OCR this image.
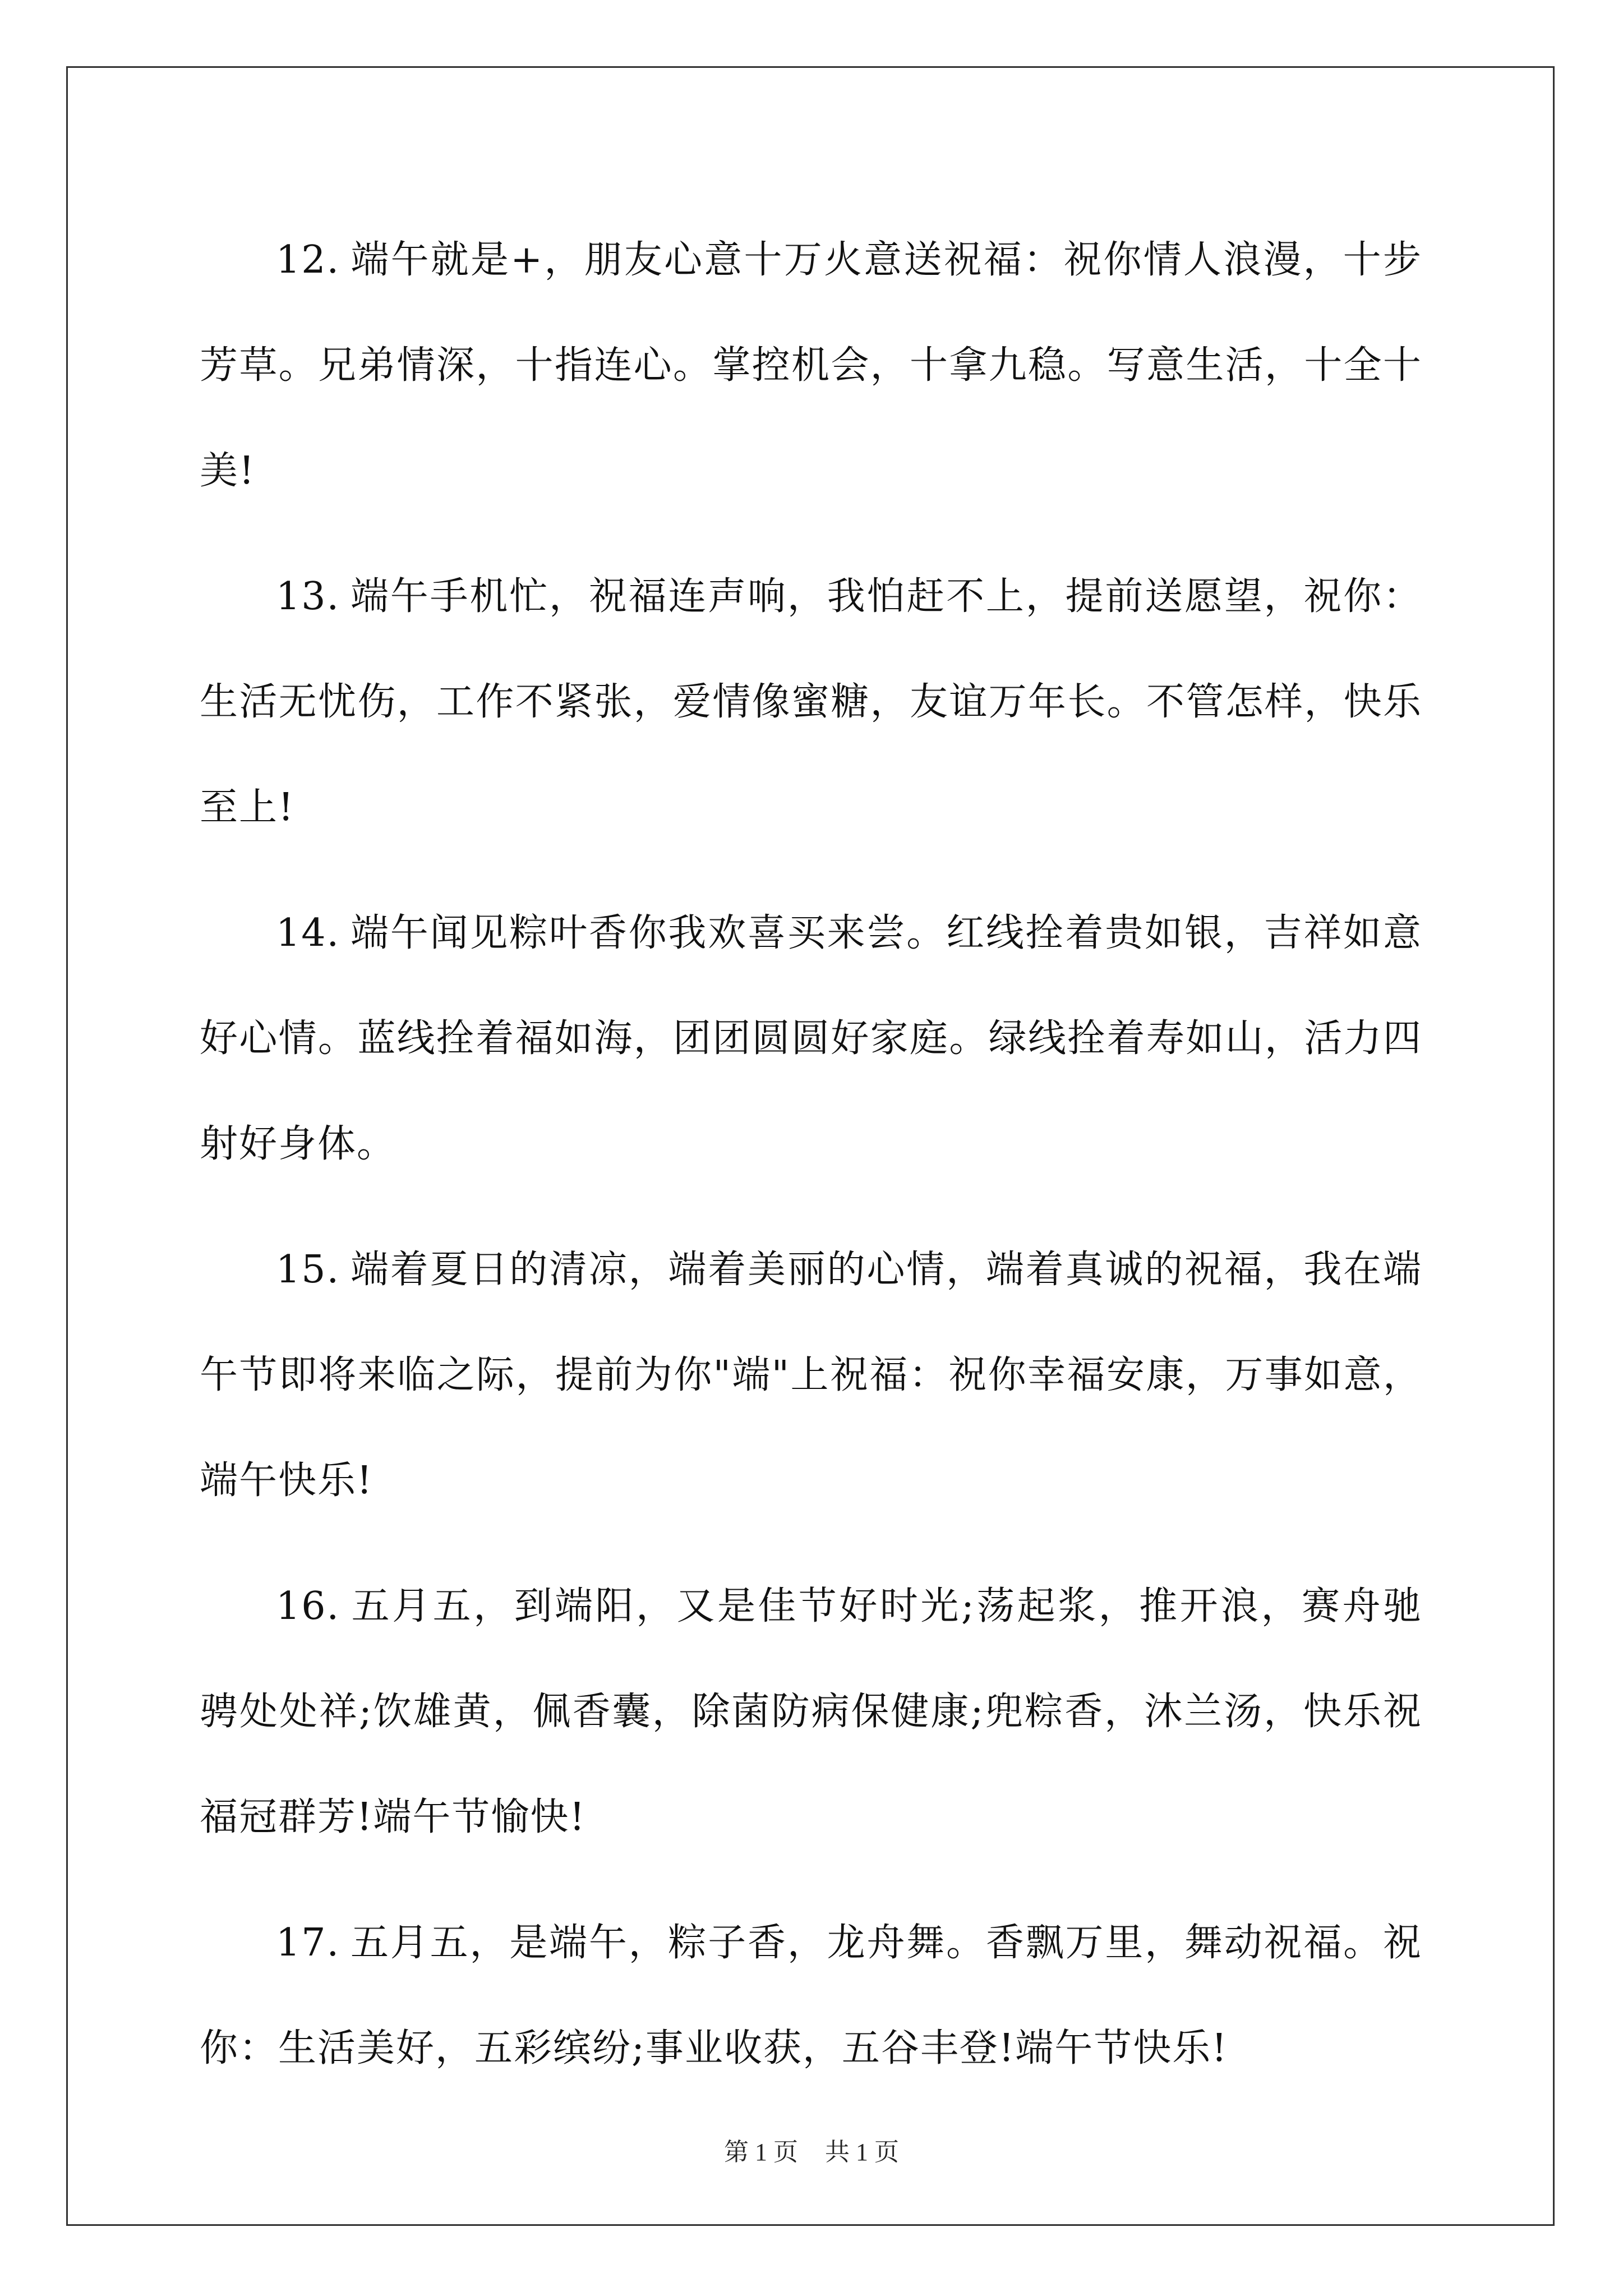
12. 端午就是+，朋友心意十万火意送祝福：祝你情人浪漫，十步芳草。兄弟情深，十指连心。掌控机会，十拿九稳。写意生活，十全十美!

13. 端午手机忙，祝福连声响，我怕赶不上，提前送愿望，祝你：生活无忧伤，工作不紧张，爱情像蜜糖，友谊万年长。不管怎样，快乐至上!

14. 端午闻见粽叶香你我欢喜买来尝。红线拴着贵如银，吉祥如意好心情。蓝线拴着福如海，团团圆圆好家庭。绿线拴着寿如山，活力四射好身体。

15. 端着夏日的清凉，端着美丽的心情，端着真诚的祝福，我在端午节即将来临之际，提前为你"端"上祝福：祝你幸福安康，万事如意，端午快乐!

16. 五月五，到端阳，又是佳节好时光;荡起浆，推开浪，赛舟驰骋处处祥;饮雄黄，佩香囊，除菌防病保健康;兜粽香，沐兰汤，快乐祝福冠群芳!端午节愉快!

17. 五月五，是端午，粽子香，龙舟舞。香飘万里，舞动祝福。祝你：生活美好，五彩缤纷;事业收获，五谷丰登!端午节快乐!

第 1 页 共 1 页
